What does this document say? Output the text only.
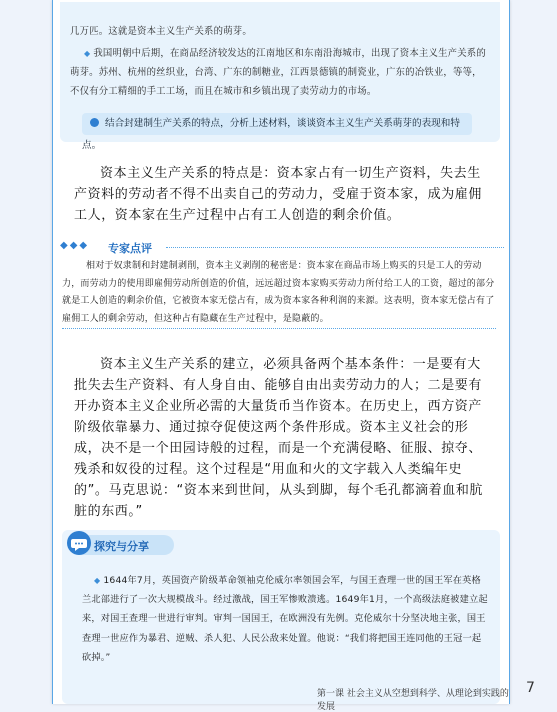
几万匹。这就是资本主义生产关系的萌芽。

◆ 我国明朝中后期，在商品经济较发达的江南地区和东南沿海城市，出现了资本主义生产关系的萌芽。苏州、杭州的丝织业，台湾、广东的制糖业，江西景德镇的制瓷业，广东的冶铁业，等等，不仅有分工精细的手工工场，而且在城市和乡镇出现了卖劳动力的市场。

结合封建制生产关系的特点，分析上述材料，谈谈资本主义生产关系萌芽的表现和特点。

资本主义生产关系的特点是：资本家占有一切生产资料，失去生产资料的劳动者不得不出卖自己的劳动力，受雇于资本家，成为雇佣工人，资本家在生产过程中占有工人创造的剩余价值。

◆◆◆ 专家点评

相对于奴隶制和封建制剥削，资本主义剥削的秘密是：资本家在商品市场上购买的只是工人的劳动力，而劳动力的使用即雇佣劳动所创造的价值，远远超过资本家购买劳动力所付给工人的工资，超过的部分就是工人创造的剩余价值，它被资本家无偿占有，成为资本家各种利润的来源。这表明，资本家无偿占有了雇佣工人的剩余劳动，但这种占有隐藏在生产过程中，是隐蔽的。

资本主义生产关系的建立，必须具备两个基本条件：一是要有大批失去生产资料、有人身自由、能够自由出卖劳动力的人；二是要有开办资本主义企业所必需的大量货币当作资本。在历史上，西方资产阶级依靠暴力、通过掠夺促使这两个条件形成。资本主义社会的形成，决不是一个田园诗般的过程，而是一个充满侵略、征服、掠夺、残杀和奴役的过程。这个过程是“用血和火的文字载入人类编年史的”。马克思说：“资本来到世间，从头到脚，每个毛孔都滴着血和肮脏的东西。”

探究与分享

◆ 1644年7月，英国资产阶级革命领袖克伦威尔率领国会军，与国王查理一世的国王军在英格兰北部进行了一次大规模战斗。经过激战，国王军惨败溃逃。1649年1月，一个高级法庭被建立起来，对国王查理一世进行审判。审判一国国王，在欧洲没有先例。克伦威尔十分坚决地主张，国王查理一世应作为暴君、逆贼、杀人犯、人民公敌来处置。他说：“我们将把国王连同他的王冠一起砍掉。”

第一课 社会主义从空想到科学、从理论到实践的发展
7
